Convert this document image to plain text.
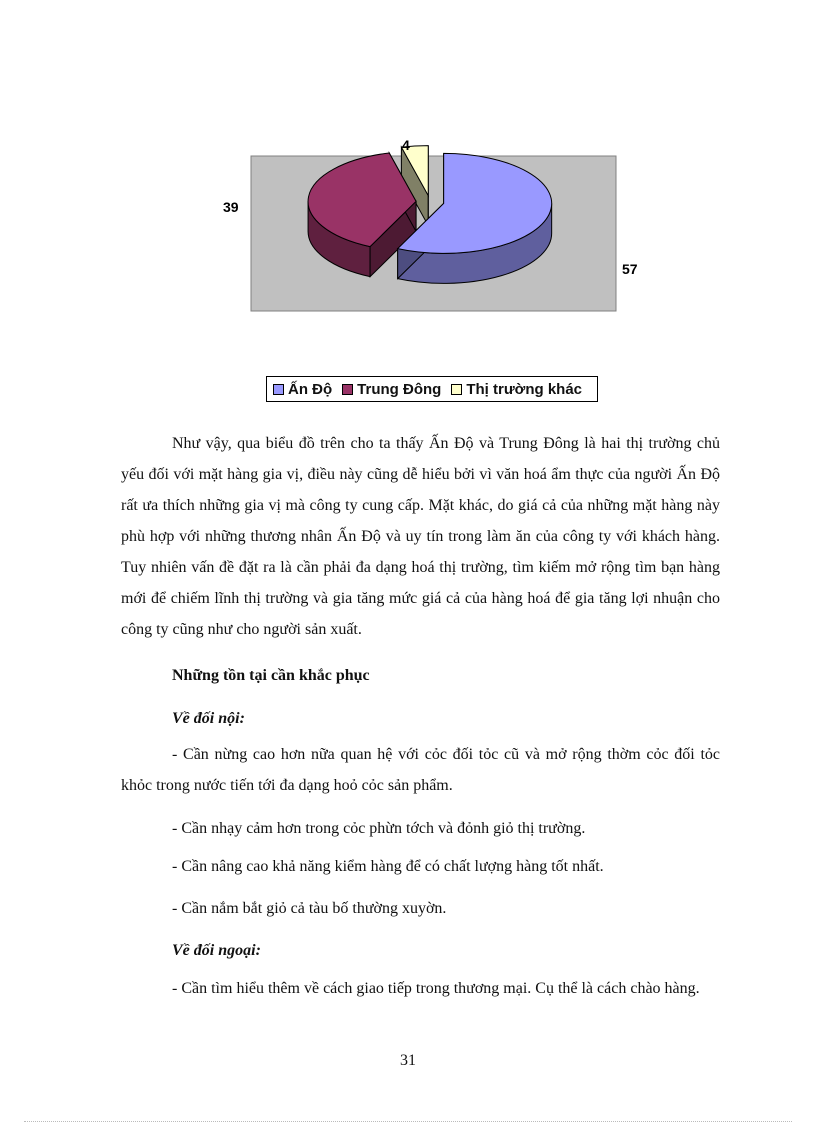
57
39
4
Ấn Độ Trung Đông Thị trường khác

Như vậy, qua biểu đồ trên cho ta thấy Ấn Độ và Trung Đông là hai thị trường chủ yếu đối với mặt hàng gia vị, điều này cũng dễ hiểu bởi vì văn hoá ẩm thực của người Ấn Độ rất ưa thích những gia vị mà công ty cung cấp. Mặt khác, do giá cả của những mặt hàng này phù hợp với những thương nhân Ấn Độ và uy tín trong làm ăn của công ty với khách hàng. Tuy nhiên vấn đề đặt ra là cần phải đa dạng hoá thị trường, tìm kiếm mở rộng tìm bạn hàng mới để chiếm lĩnh thị trường và gia tăng mức giá cả của hàng hoá để gia tăng lợi nhuận cho công ty cũng như cho người sản xuất.

Những tồn tại cần khắc phục

Về đối nội:

- Cần nừng cao hơn nữa quan hệ với cỏc đối tỏc cũ và mở rộng thờm cỏc đối tỏc khỏc trong nước tiến tới đa dạng hoỏ cỏc sản phẩm.

- Cần nhạy cảm hơn trong cỏc phừn tớch và đỏnh giỏ thị trường.

- Cần nâng cao khả năng kiểm hàng để có chất lượng hàng tốt nhất.

- Cần nắm bắt giỏ cả tàu bố thường xuyờn.

Về đối ngoại:

- Cần tìm hiểu thêm về cách giao tiếp trong thương mại. Cụ thể là cách chào hàng.

31
